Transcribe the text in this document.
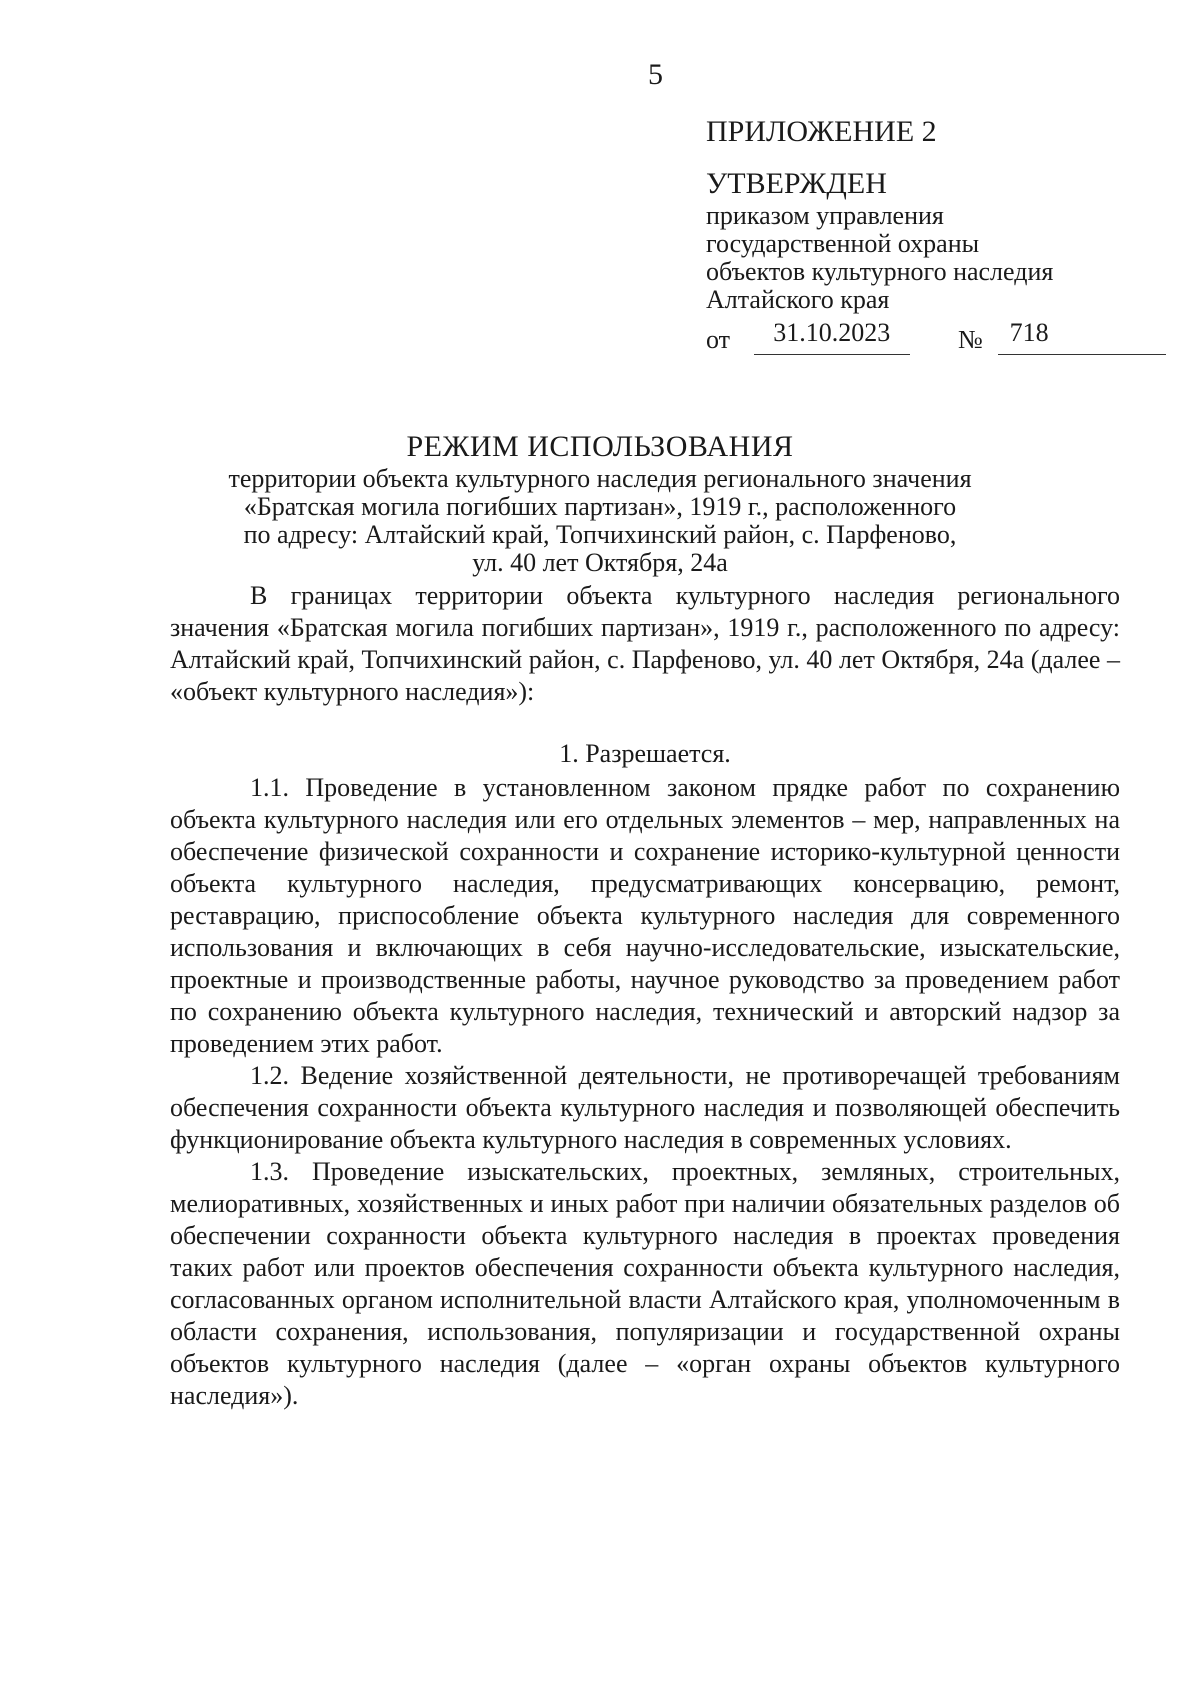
5
ПРИЛОЖЕНИЕ 2
УТВЕРЖДЕН
приказом управления
государственной охраны
объектов культурного наследия
Алтайского края
от	31.10.2023	№	718
РЕЖИМ ИСПОЛЬЗОВАНИЯ
территории объекта культурного наследия регионального значения
«Братская могила погибших партизан», 1919 г., расположенного
по адресу: Алтайский край, Топчихинский район, с. Парфеново,
ул. 40 лет Октября, 24а

В границах территории объекта культурного наследия регионального значения «Братская могила погибших партизан», 1919 г., расположенного по адресу: Алтайский край, Топчихинский район, с. Парфеново, ул. 40 лет Октября, 24а (далее – «объект культурного наследия»):

1. Разрешается.

1.1. Проведение в установленном законом прядке работ по сохранению объекта культурного наследия или его отдельных элементов – мер, направленных на обеспечение физической сохранности и сохранение историко-культурной ценности объекта культурного наследия, предусматривающих консервацию, ремонт, реставрацию, приспособление объекта культурного наследия для современного использования и включающих в себя научно-исследовательские, изыскательские, проектные и производственные работы, научное руководство за проведением работ по сохранению объекта культурного наследия, технический и авторский надзор за проведением этих работ.

1.2. Ведение хозяйственной деятельности, не противоречащей требованиям обеспечения сохранности объекта культурного наследия и позволяющей обеспечить функционирование объекта культурного наследия в современных условиях.

1.3. Проведение изыскательских, проектных, земляных, строительных, мелиоративных, хозяйственных и иных работ при наличии обязательных разделов об обеспечении сохранности объекта культурного наследия в проектах проведения таких работ или проектов обеспечения сохранности объекта культурного наследия, согласованных органом исполнительной власти Алтайского края, уполномоченным в области сохранения, использования, популяризации и государственной охраны объектов культурного наследия (далее – «орган охраны объектов культурного наследия»).
